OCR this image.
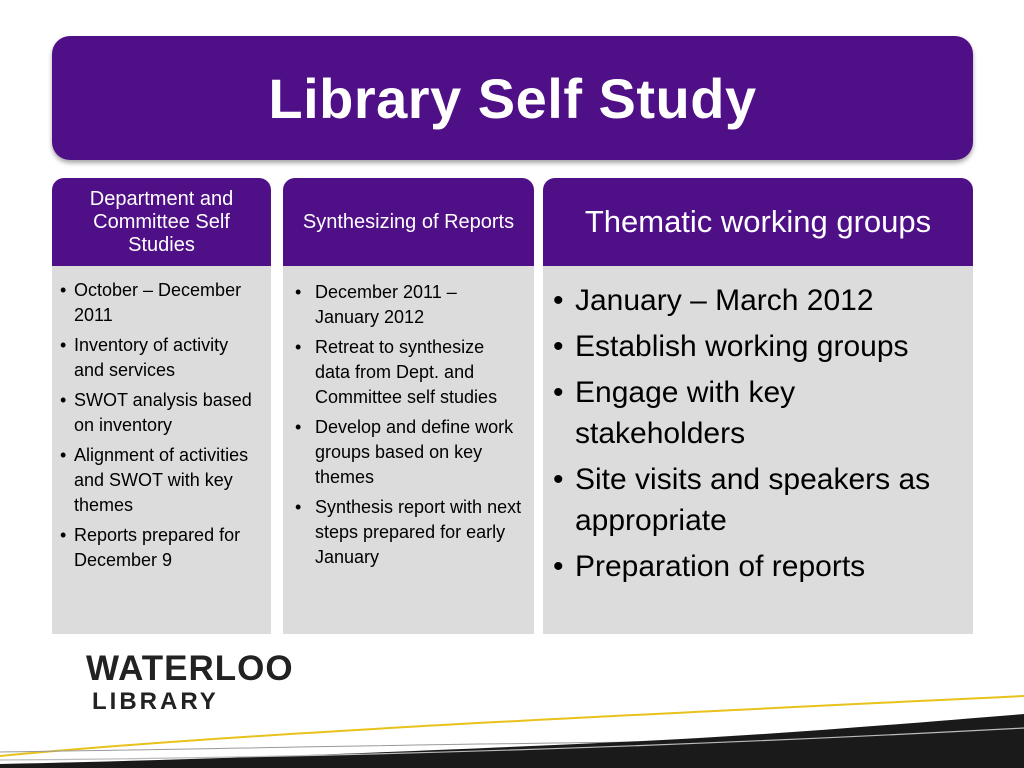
Library Self Study
Department and Committee Self Studies
• October – December 2011
• Inventory of activity and services
• SWOT analysis based on inventory
• Alignment of activities and SWOT with key themes
• Reports prepared for December 9
Synthesizing of Reports
• December 2011 – January 2012
• Retreat to synthesize data from Dept. and Committee self studies
• Develop and define work groups based on key themes
• Synthesis report with next steps prepared for early January
Thematic working groups
• January – March 2012
• Establish working groups
• Engage with key stakeholders
• Site visits and speakers as appropriate
• Preparation of reports
WATERLOO
LIBRARY
